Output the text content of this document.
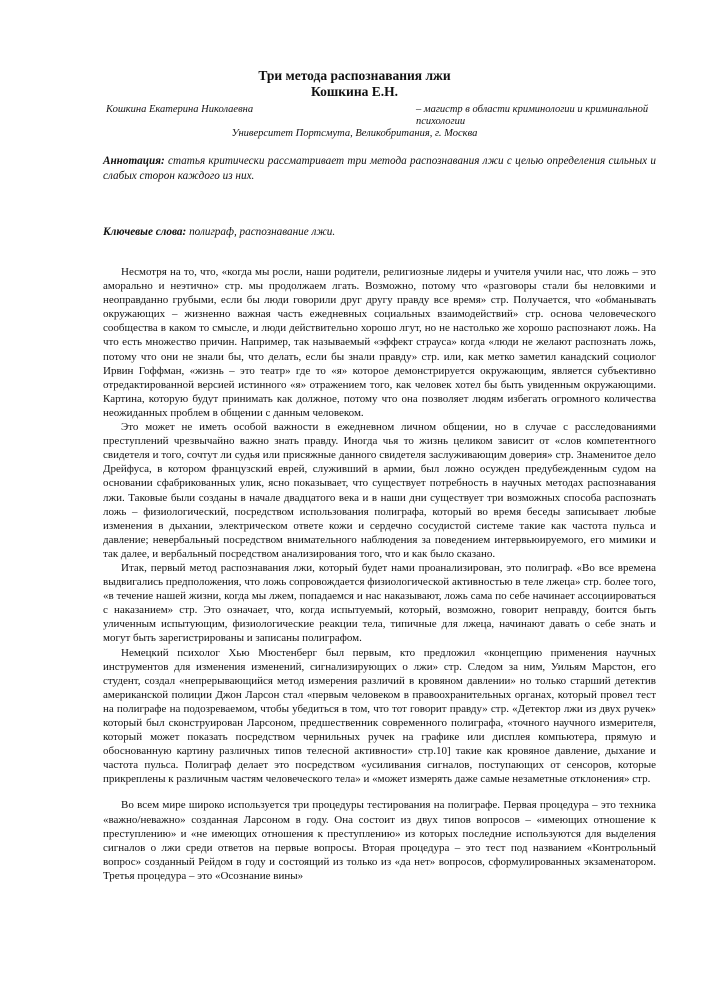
Три метода распознавания лжи
Кошкина Е.Н.
Кошкина Екатерина Николаевна	– магистр в области криминологии и криминальной психологии
Университет Портсмута, Великобритания, г. Москва
Аннотация: статья критически рассматривает три метода распознавания лжи с целью определения сильных и слабых сторон каждого из них.
Ключевые слова: полиграф, распознавание лжи.

Несмотря на то, что, «когда мы росли, наши родители, религиозные лидеры и учителя учили нас, что ложь – это аморально и неэтично» стр. мы продолжаем лгать. Возможно, потому что «разговоры стали бы неловкими и неоправданно грубыми, если бы люди говорили друг другу правду все время» стр. Получается, что «обманывать окружающих – жизненно важная часть ежедневных социальных взаимодействий» стр. основа человеческого сообщества в каком то смысле, и люди действительно хорошо лгут, но не настолько же хорошо распознают ложь. На что есть множество причин. Например, так называемый «эффект страуса» когда «люди не желают распознать ложь, потому что они не знали бы, что делать, если бы знали правду» стр. или, как метко заметил канадский социолог Ирвин Гоффман, «жизнь – это театр» где то «я» которое демонстрируется окружающим, является субъективно отредактированной версией истинного «я» отражением того, как человек хотел бы быть увиденным окружающими. Картина, которую будут принимать как должное, потому что она позволяет людям избегать огромного количества неожиданных проблем в общении с данным человеком.

Это может не иметь особой важности в ежедневном личном общении, но в случае с расследованиями преступлений чрезвычайно важно знать правду. Иногда чья то жизнь целиком зависит от «слов компетентного свидетеля и того, сочтут ли судья или присяжные данного свидетеля заслуживающим доверия» стр. Знаменитое дело Дрейфуса, в котором французский еврей, служивший в армии, был ложно осужден предубежденным судом на основании сфабрикованных улик, ясно показывает, что существует потребность в научных методах распознавания лжи. Таковые были созданы в начале двадцатого века и в наши дни существует три возможных способа распознать ложь – физиологический, посредством использования полиграфа, который во время беседы записывает любые изменения в дыхании, электрическом ответе кожи и сердечно сосудистой системе такие как частота пульса и давление; невербальный посредством внимательного наблюдения за поведением интервьюируемого, его мимики и так далее, и вербальный посредством анализирования того, что и как было сказано.

Итак, первый метод распознавания лжи, который будет нами проанализирован, это полиграф. «Во все времена выдвигались предположения, что ложь сопровождается физиологической активностью в теле лжеца» стр. более того, «в течение нашей жизни, когда мы лжем, попадаемся и нас наказывают, ложь сама по себе начинает ассоциироваться с наказанием» стр. Это означает, что, когда испытуемый, который, возможно, говорит неправду, боится быть уличенным испытующим, физиологические реакции тела, типичные для лжеца, начинают давать о себе знать и могут быть зарегистрированы и записаны полиграфом.

Немецкий психолог Хью Мюстенберг был первым, кто предложил «концепцию применения научных инструментов для изменения изменений, сигнализирующих о лжи» стр. Следом за ним, Уильям Марстон, его студент, создал «непрерывающийся метод измерения различий в кровяном давлении» но только старший детектив американской полиции Джон Ларсон стал «первым человеком в правоохранительных органах, который провел тест на полиграфе на подозреваемом, чтобы убедиться в том, что тот говорит правду» стр. «Детектор лжи из двух ручек» который был сконструирован Ларсоном, предшественник современного полиграфа, «точного научного измерителя, который может показать посредством чернильных ручек на графике или дисплея компьютера, прямую и обоснованную картину различных типов телесной активности» стр.10] такие как кровяное давление, дыхание и частота пульса. Полиграф делает это посредством «усиливания сигналов, поступающих от сенсоров, которые прикреплены к различным частям человеческого тела» и «может измерять даже самые незаметные отклонения» стр.

Во всем мире широко используется три процедуры тестирования на полиграфе. Первая процедура – это техника «важно/неважно» созданная Ларсоном в году. Она состоит из двух типов вопросов – «имеющих отношение к преступлению» и «не имеющих отношения к преступлению» из которых последние используются для выделения сигналов о лжи среди ответов на первые вопросы. Вторая процедура – это тест под названием «Контрольный вопрос» созданный Рейдом в году и состоящий из только из «да нет» вопросов, сформулированных экзаменатором. Третья процедура – это «Осознание вины»
